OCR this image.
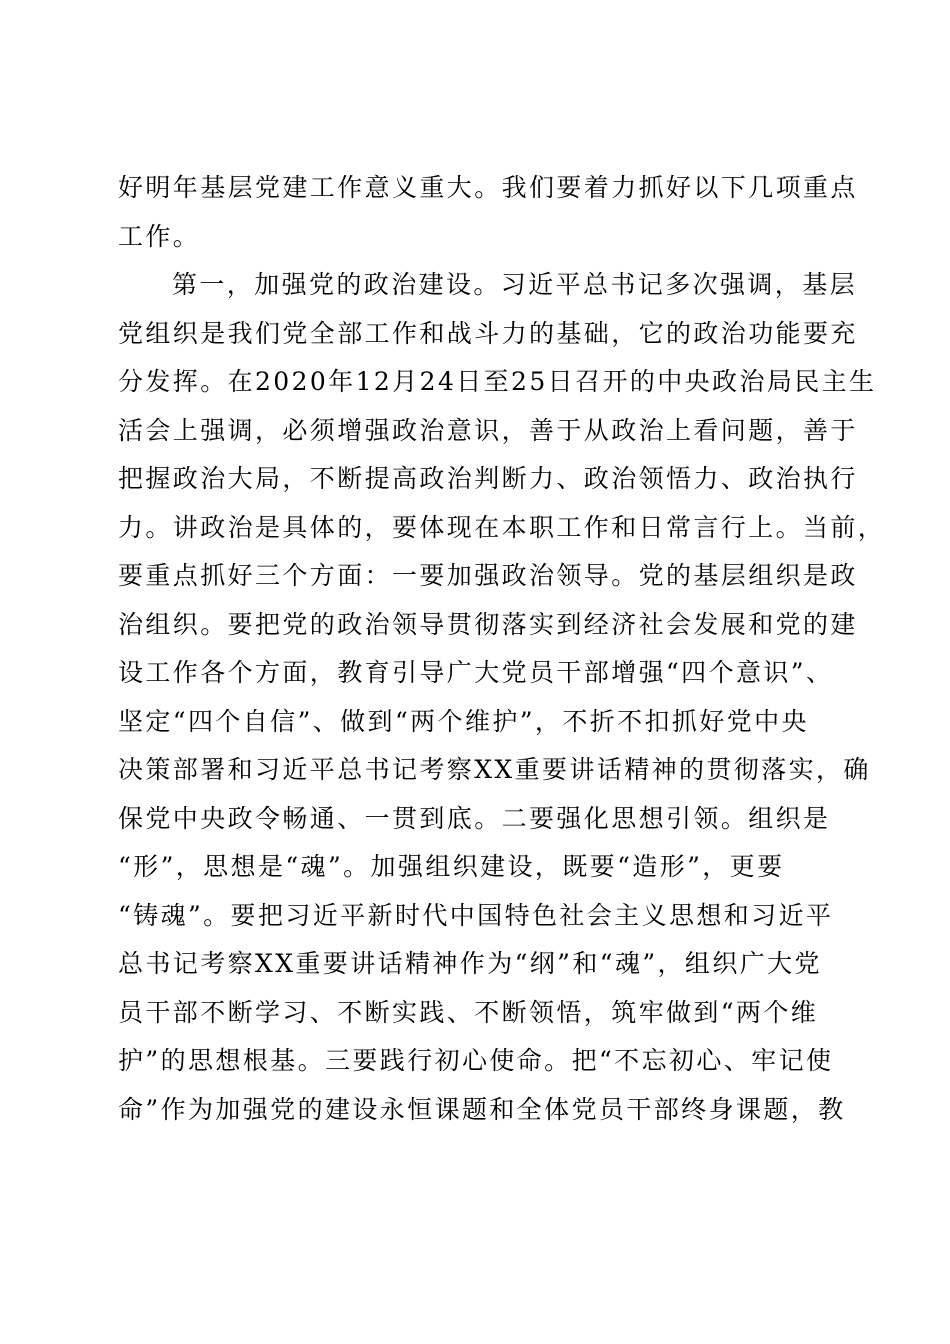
好明年基层党建工作意义重大。我们要着力抓好以下几项重点
工作。
第一，加强党的政治建设。习近平总书记多次强调，基层
党组织是我们党全部工作和战斗力的基础，它的政治功能要充
分发挥。在2020年12月24日至25日召开的中央政治局民主生
活会上强调，必须增强政治意识，善于从政治上看问题，善于
把握政治大局，不断提高政治判断力、政治领悟力、政治执行
力。讲政治是具体的，要体现在本职工作和日常言行上。当前，
要重点抓好三个方面：一要加强政治领导。党的基层组织是政
治组织。要把党的政治领导贯彻落实到经济社会发展和党的建
设工作各个方面，教育引导广大党员干部增强“四个意识”、
坚定“四个自信”、做到“两个维护”，不折不扣抓好党中央
决策部署和习近平总书记考察XX重要讲话精神的贯彻落实，确
保党中央政令畅通、一贯到底。二要强化思想引领。组织是
“形”，思想是“魂”。加强组织建设，既要“造形”，更要
“铸魂”。要把习近平新时代中国特色社会主义思想和习近平
总书记考察XX重要讲话精神作为“纲”和“魂”，组织广大党
员干部不断学习、不断实践、不断领悟，筑牢做到“两个维
护”的思想根基。三要践行初心使命。把“不忘初心、牢记使
命”作为加强党的建设永恒课题和全体党员干部终身课题，教
